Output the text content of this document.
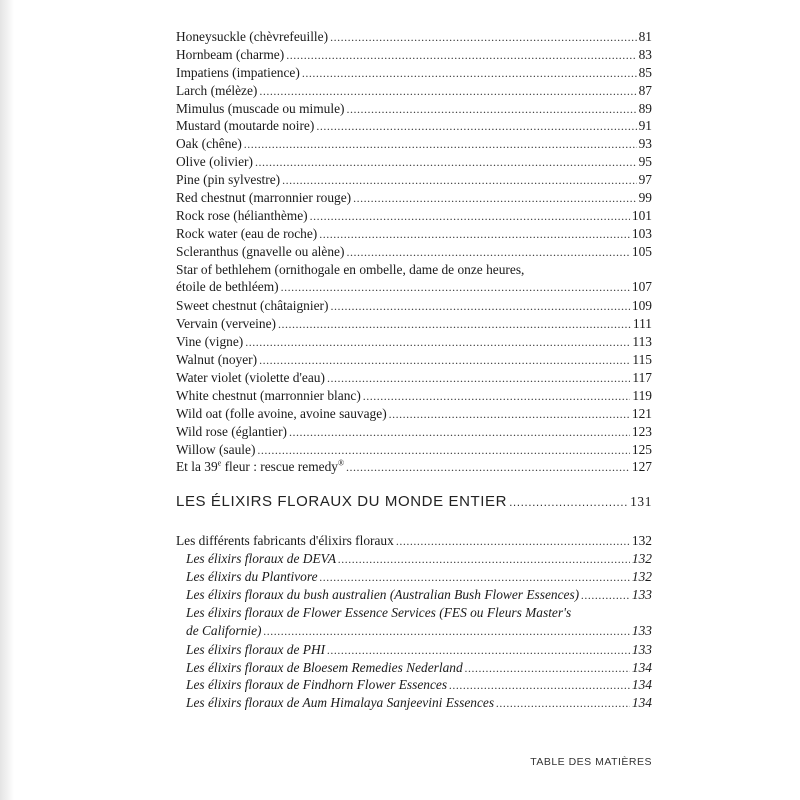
Honeysuckle (chèvrefeuille) .....	81
Hornbeam (charme) .....	83
Impatiens (impatience) .....	85
Larch (mélèze) .....	87
Mimulus (muscade ou mimule) .....	89
Mustard (moutarde noire) .....	91
Oak (chêne) .....	93
Olive (olivier) .....	95
Pine (pin sylvestre) .....	97
Red chestnut (marronnier rouge) .....	99
Rock rose (hélianthème) .....	101
Rock water (eau de roche) .....	103
Scleranthus (gnavelle ou alène) .....	105
Star of bethlehem (ornithogale en ombelle, dame de onze heures,
étoile de bethléem) .....	107
Sweet chestnut (châtaignier) .....	109
Vervain (verveine) .....	111
Vine (vigne) .....	113
Walnut (noyer) .....	115
Water violet (violette d'eau) .....	117
White chestnut (marronnier blanc) .....	119
Wild oat (folle avoine, avoine sauvage) .....	121
Wild rose (églantier) .....	123
Willow (saule) .....	125
Et la 39e fleur : rescue remedy® .....	127
LES ÉLIXIRS FLORAUX DU MONDE ENTIER .....	131
Les différents fabricants d'élixirs floraux .....	132
Les élixirs floraux de DEVA .....	132
Les élixirs du Plantivore .....	132
Les élixirs floraux du bush australien (Australian Bush Flower Essences) .....	133
Les élixirs floraux de Flower Essence Services (FES ou Fleurs Master's
de Californie) .....	133
Les élixirs floraux de PHI .....	133
Les élixirs floraux de Bloesem Remedies Nederland .....	134
Les élixirs floraux de Findhorn Flower Essences .....	134
Les élixirs floraux de Aum Himalaya Sanjeevini Essences .....	134
TABLE DES MATIÈRES
